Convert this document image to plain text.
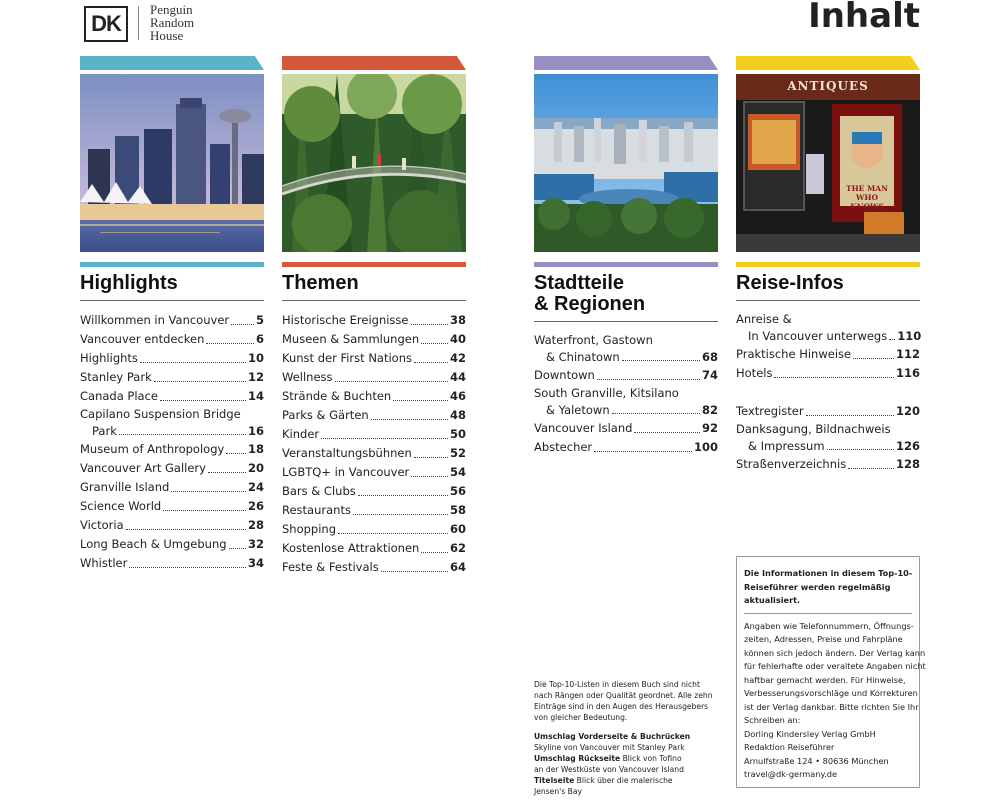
DK
Penguin
Random
House	Inhalt
Highlights
Willkommen in Vancouver 5
Vancouver entdecken	6
Highlights	10
Stanley Park	12
Canada Place	14
Capilano Suspension Bridge
Park	16
Museum of Anthropology 18
Vancouver Art Gallery	20
Granville Island	24
Science World	26
Victoria	28
Long Beach & Umgebung 32
Whistler	34
Themen
Historische Ereignisse	38
Museen & Sammlungen	40
Kunst der First Nations	42
Wellness	44
Strände & Buchten	46
Parks & Gärten	48
Kinder	50
Veranstaltungsbühnen	52
LGBTQ+ in Vancouver	54
Bars & Clubs	56
Restaurants	58
Shopping	60
Kostenlose Attraktionen	62
Feste & Festivals	64
Stadtteile
& Regionen
Waterfront, Gastown
& Chinatown	68
Downtown	74
South Granville, Kitsilano
& Yaletown	82
Vancouver Island	92
Abstecher	100
ANTIQUES
THE MAN
WHO KNOWS
Reise-Infos
Anreise &
In Vancouver unterwegs 110
Praktische Hinweise	112
Hotels	116
Textregister	120
Danksagung, Bildnachweis
& Impressum	126
Straßenverzeichnis	128
Die Top-10-Listen in diesem Buch sind nicht
nach Rängen oder Qualität geordnet. Alle zehn
Einträge sind in den Augen des Herausgebers
von gleicher Bedeutung.
Umschlag Vorderseite & Buchrücken
Skyline von Vancouver mit Stanley Park
Umschlag Rückseite Blick von Tofino
an der Westküste von Vancouver Island
Titelseite Blick über die malerische
Jensen's Bay
Die Informationen in diesem Top-10-
Reiseführer werden regelmäßig
aktualisiert.
Angaben wie Telefonnummern, Öffnungs-
zeiten, Adressen, Preise und Fahrpläne
können sich jedoch ändern. Der Verlag kann
für fehlerhafte oder veraltete Angaben nicht
haftbar gemacht werden. Für Hinweise,
Verbesserungsvorschläge und Korrekturen
ist der Verlag dankbar. Bitte richten Sie Ihr
Schreiben an:
Dorling Kindersley Verlag GmbH
Redaktion Reiseführer
Arnulfstraße 124 • 80636 München
travel@dk-germany.de
